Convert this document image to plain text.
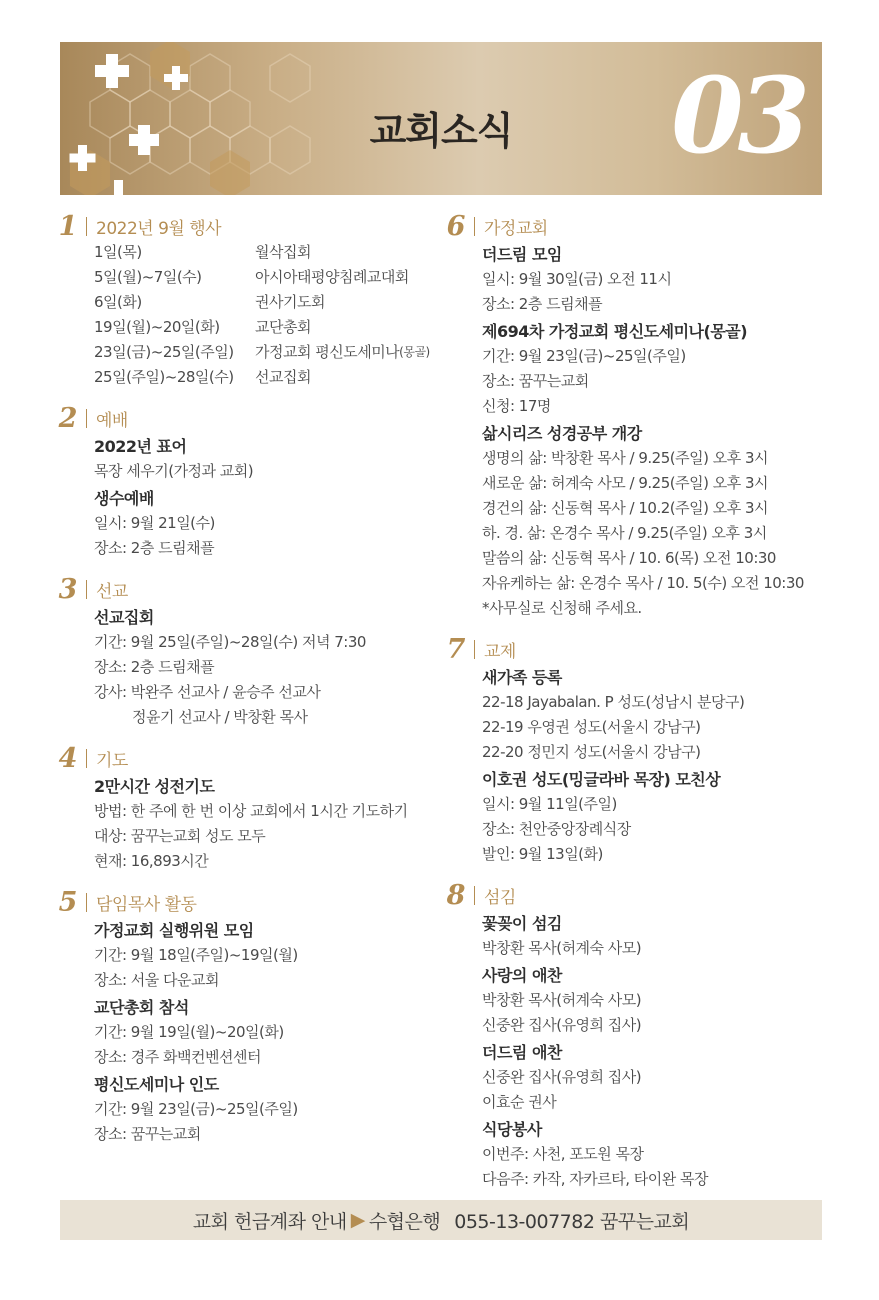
교회소식	03
1 2022년 9월 행사
1일(목)	월삭집회
5일(월)~7일(수)	아시아태평양침례교대회
6일(화)	권사기도회
19일(월)~20일(화)	교단총회
23일(금)~25일(주일)	가정교회 평신도세미나 (몽골)
25일(주일)~28일(수)	선교집회
2 예배
2022년 표어
목장 세우기(가정과 교회)
생수예배
일시: 9월 21일(수)
장소: 2층 드림채플
3 선교
선교집회
기간: 9월 25일(주일)~28일(수) 저녁 7:30
장소: 2층 드림채플
강사: 박완주 선교사 / 윤승주 선교사
정윤기 선교사 / 박창환 목사
4 기도
2만시간 성전기도
방법: 한 주에 한 번 이상 교회에서 1시간 기도하기
대상: 꿈꾸는교회 성도 모두
현재: 16,893시간
5 담임목사 활동
가정교회 실행위원 모임
기간: 9월 18일(주일)~19일(월)
장소: 서울 다운교회
교단총회 참석
기간: 9월 19일(월)~20일(화)
장소: 경주 화백컨벤션센터
평신도세미나 인도
기간: 9월 23일(금)~25일(주일)
장소: 꿈꾸는교회
6 가정교회
더드림 모임
일시: 9월 30일(금) 오전 11시
장소: 2층 드림채플
제694차 가정교회 평신도세미나(몽골)
기간: 9월 23일(금)~25일(주일)
장소: 꿈꾸는교회
신청: 17명
삶시리즈 성경공부 개강
생명의 삶: 박창환 목사 / 9.25(주일) 오후 3시
새로운 삶: 허계숙 사모 / 9.25(주일) 오후 3시
경건의 삶: 신동혁 목사 / 10.2(주일) 오후 3시
하. 경. 삶: 온경수 목사 / 9.25(주일) 오후 3시
말씀의 삶: 신동혁 목사 / 10. 6(목) 오전 10:30
자유케하는 삶: 온경수 목사 / 10. 5(수) 오전 10:30
*사무실로 신청해 주세요.
7 교제
새가족 등록
22-18 Jayabalan. P 성도(성남시 분당구)
22-19 우영권 성도(서울시 강남구)
22-20 정민지 성도(서울시 강남구)
이호권 성도(밍글라바 목장) 모친상
일시: 9월 11일(주일)
장소: 천안중앙장례식장
발인: 9월 13일(화)
8 섬김
꽃꽂이 섬김
박창환 목사(허계숙 사모)
사랑의 애찬
박창환 목사(허계숙 사모)
신중완 집사(유영희 집사)
더드림 애찬
신중완 집사(유영희 집사)
이효순 권사
식당봉사
이번주: 사천, 포도원 목장
다음주: 카작, 자카르타, 타이완 목장
교회 헌금계좌 안내 ▶ 수협은행 055-13-007782 꿈꾸는교회
